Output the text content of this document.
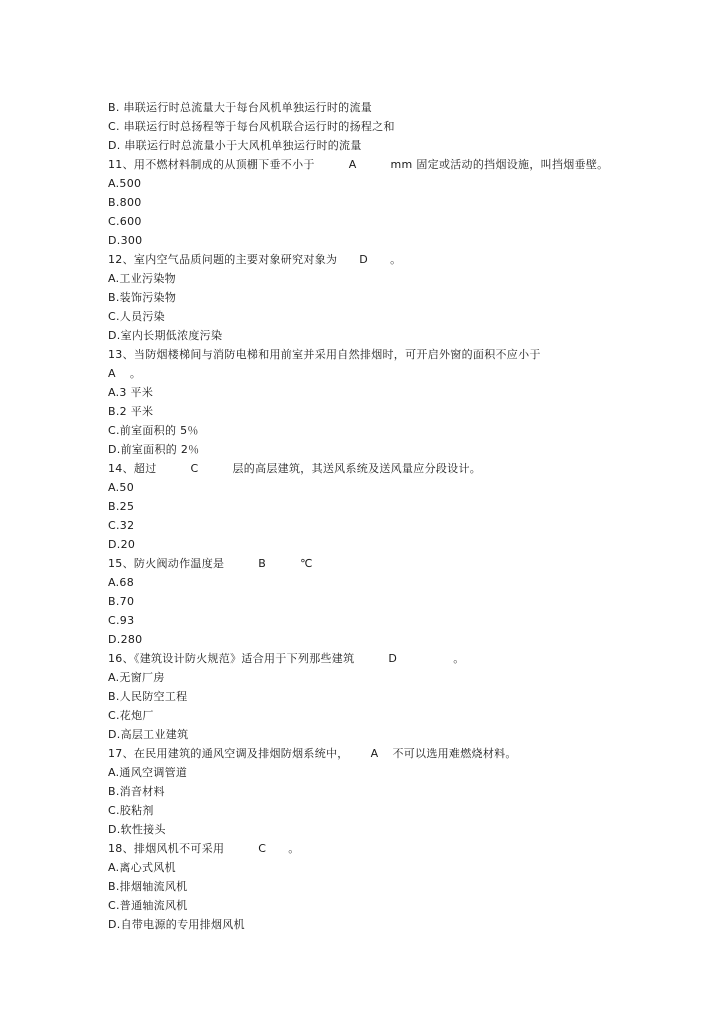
B. 串联运行时总流量大于每台风机单独运行时的流量
C. 串联运行时总扬程等于每台风机联合运行时的扬程之和
D. 串联运行时总流量小于大风机单独运行时的流量
11、用不燃材料制成的从顶棚下垂不小于	A	mm 固定或活动的挡烟设施，叫挡烟垂壁。
A.500
B.800
C.600
D.300
12、室内空气品质问题的主要对象研究对象为 D 。
A.工业污染物
B.装饰污染物
C.人员污染
D.室内长期低浓度污染
13、当防烟楼梯间与消防电梯和用前室并采用自然排烟时，可开启外窗的面积不应小于
A 。
A.3 平米
B.2 平米
C.前室面积的 5％
D.前室面积的 2％
14、超过	C	层的高层建筑，其送风系统及送风量应分段设计。
A.50
B.25
C.32
D.20
15、防火阀动作温度是	B	℃
A.68
B.70
C.93
D.280
16、《建筑设计防火规范》适合用于下列那些建筑	D	。
A.无窗厂房
B.人民防空工程
C.花炮厂
D.高层工业建筑
17、在民用建筑的通风空调及排烟防烟系统中， A 不可以选用难燃烧材料。
A.通风空调管道
B.消音材料
C.胶粘剂
D.软性接头
18、排烟风机不可采用	C 。
A.离心式风机
B.排烟轴流风机
C.普通轴流风机
D.自带电源的专用排烟风机
